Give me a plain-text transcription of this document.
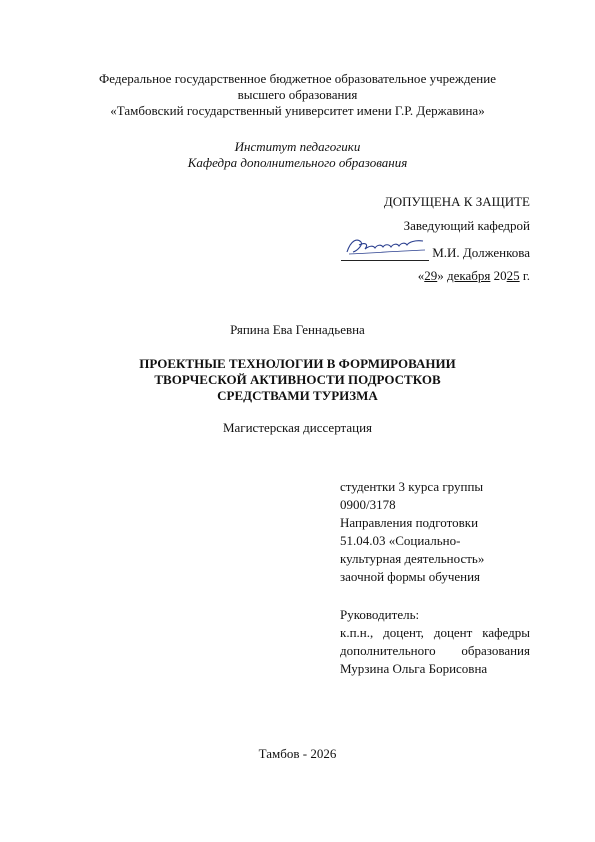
Федеральное государственное бюджетное образовательное учреждение
высшего образования
«Тамбовский государственный университет имени Г.Р. Державина»
Институт педагогики
Кафедра дополнительного образования
ДОПУЩЕНА К ЗАЩИТЕ
Заведующий кафедрой
М.И. Долженкова
«29» декабря 2025 г.
Ряпина Ева Геннадьевна
ПРОЕКТНЫЕ ТЕХНОЛОГИИ В ФОРМИРОВАНИИ
ТВОРЧЕСКОЙ АКТИВНОСТИ ПОДРОСТКОВ
СРЕДСТВАМИ ТУРИЗМА
Магистерская диссертация
студентки 3 курса группы
0900/3178
Направления подготовки
51.04.03 «Социально-
культурная деятельность»
заочной формы обучения
Руководитель:
к.п.н., доцент, доцент кафедры
дополнительного образования
Мурзина Ольга Борисовна
Тамбов - 2026
